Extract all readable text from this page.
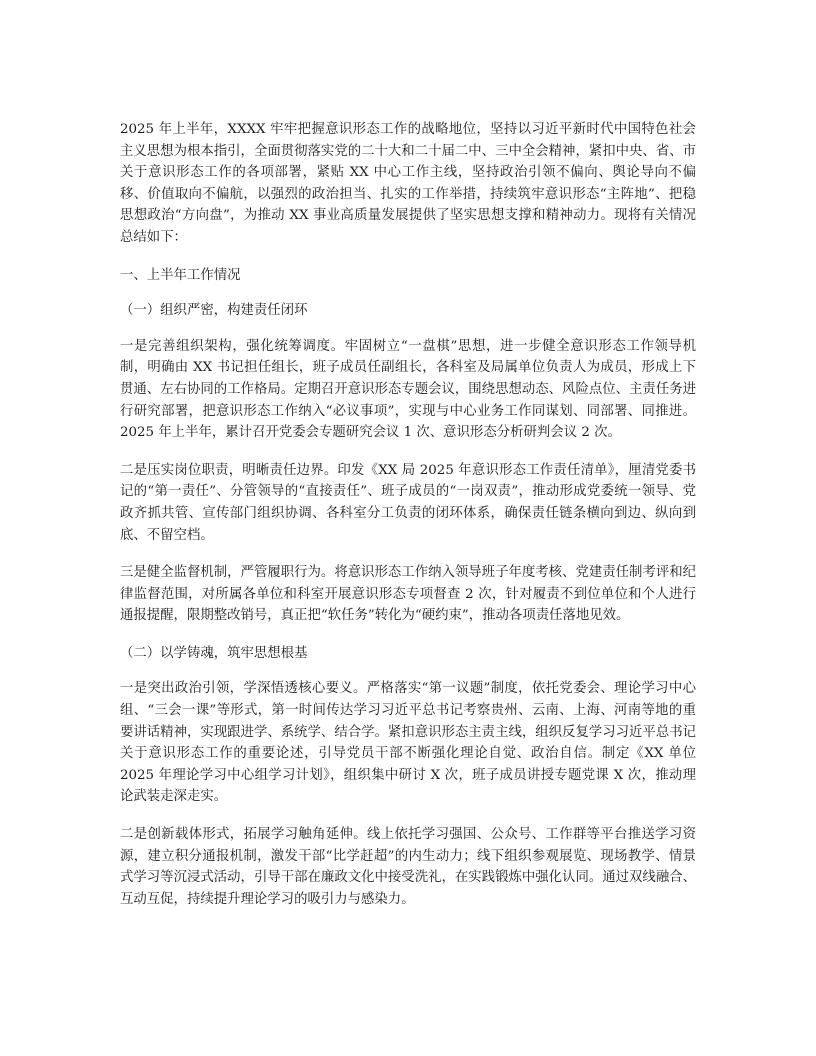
2025 年上半年，XXXX 牢牢把握意识形态工作的战略地位，坚持以习近平新时代中国特色社会主义思想为根本指引，全面贯彻落实党的二十大和二十届二中、三中全会精神，紧扣中央、省、市关于意识形态工作的各项部署，紧贴 XX 中心工作主线，坚持政治引领不偏向、舆论导向不偏移、价值取向不偏航，以强烈的政治担当、扎实的工作举措，持续筑牢意识形态“主阵地”、把稳思想政治“方向盘”，为推动 XX 事业高质量发展提供了坚实思想支撑和精神动力。现将有关情况总结如下：

一、上半年工作情况

（一）组织严密，构建责任闭环

一是完善组织架构，强化统筹调度。牢固树立“一盘棋”思想，进一步健全意识形态工作领导机制，明确由 XX 书记担任组长，班子成员任副组长，各科室及局属单位负责人为成员，形成上下贯通、左右协同的工作格局。定期召开意识形态专题会议，围绕思想动态、风险点位、主责任务进行研究部署，把意识形态工作纳入“必议事项”，实现与中心业务工作同谋划、同部署、同推进。2025 年上半年，累计召开党委会专题研究会议 1 次、意识形态分析研判会议 2 次。

二是压实岗位职责，明晰责任边界。印发《XX 局 2025 年意识形态工作责任清单》，厘清党委书记的“第一责任”、分管领导的“直接责任”、班子成员的“一岗双责”，推动形成党委统一领导、党政齐抓共管、宣传部门组织协调、各科室分工负责的闭环体系，确保责任链条横向到边、纵向到底、不留空档。

三是健全监督机制，严管履职行为。将意识形态工作纳入领导班子年度考核、党建责任制考评和纪律监督范围，对所属各单位和科室开展意识形态专项督查 2 次，针对履责不到位单位和个人进行通报提醒，限期整改销号，真正把“软任务”转化为“硬约束”，推动各项责任落地见效。

（二）以学铸魂，筑牢思想根基

一是突出政治引领，学深悟透核心要义。严格落实“第一议题”制度，依托党委会、理论学习中心组、“三会一课”等形式，第一时间传达学习习近平总书记考察贵州、云南、上海、河南等地的重要讲话精神，实现跟进学、系统学、结合学。紧扣意识形态主责主线，组织反复学习习近平总书记关于意识形态工作的重要论述，引导党员干部不断强化理论自觉、政治自信。制定《XX 单位 2025 年理论学习中心组学习计划》，组织集中研讨 X 次，班子成员讲授专题党课 X 次，推动理论武装走深走实。

二是创新载体形式，拓展学习触角延伸。线上依托学习强国、公众号、工作群等平台推送学习资源，建立积分通报机制，激发干部“比学赶超”的内生动力；线下组织参观展览、现场教学、情景式学习等沉浸式活动，引导干部在廉政文化中接受洗礼，在实践锻炼中强化认同。通过双线融合、互动互促，持续提升理论学习的吸引力与感染力。
